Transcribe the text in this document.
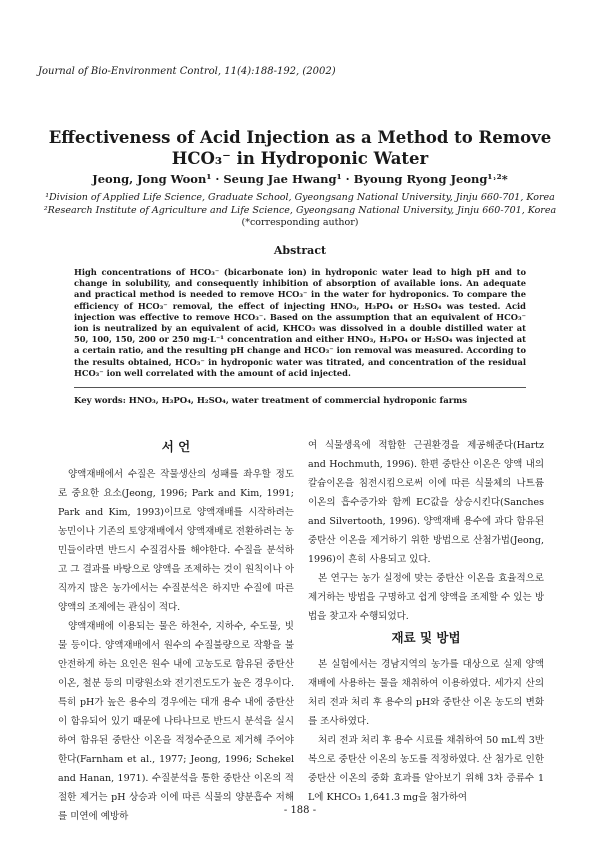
Journal of Bio-Environment Control, 11(4):188-192, (2002)
Effectiveness of Acid Injection as a Method to Remove
HCO₃⁻ in Hydroponic Water
Jeong, Jong Woon¹ · Seung Jae Hwang¹ · Byoung Ryong Jeong¹˒²*
¹Division of Applied Life Science, Graduate School, Gyeongsang National University, Jinju 660-701, Korea
²Research Institute of Agriculture and Life Science, Gyeongsang National University, Jinju 660-701, Korea
(*corresponding author)
Abstract
High concentrations of HCO₃⁻ (bicarbonate ion) in hydroponic water lead to high pH and to change in solubility, and consequently inhibition of absorption of available ions. An adequate and practical method is needed to remove HCO₃⁻ in the water for hydroponics. To compare the efficiency of HCO₃⁻ removal, the effect of injecting HNO₃, H₃PO₄ or H₂SO₄ was tested. Acid injection was effective to remove HCO₃⁻. Based on the assumption that an equivalent of HCO₃⁻ ion is neutralized by an equivalent of acid, KHCO₃ was dissolved in a double distilled water at 50, 100, 150, 200 or 250 mg·L⁻¹ concentration and either HNO₃, H₃PO₄ or H₂SO₄ was injected at a certain ratio, and the resulting pH change and HCO₃⁻ ion removal was measured. According to the results obtained, HCO₃⁻ in hydroponic water was titrated, and concentration of the residual HCO₃⁻ ion well correlated with the amount of acid injected.
Key words: HNO₃, H₃PO₄, H₂SO₄, water treatment of commercial hydroponic farms
서 언

양액재배에서 수질은 작물생산의 성패를 좌우할 정도로 중요한 요소(Jeong, 1996; Park and Kim, 1991; Park and Kim, 1993)이므로 양액재배를 시작하려는 농민이나 기존의 토양재배에서 양액재배로 전환하려는 농민들이라면 반드시 수질검사를 해야한다. 수질을 분석하고 그 결과를 바탕으로 양액을 조제하는 것이 원칙이나 아직까지 많은 농가에서는 수질분석은 하지만 수질에 따른 양액의 조제에는 관심이 적다.

양액재배에 이용되는 물은 하천수, 지하수, 수도물, 빗물 등이다. 양액재배에서 원수의 수질불량으로 작황을 불안전하게 하는 요인은 원수 내에 고농도로 함유된 중탄산 이온, 철분 등의 미량원소와 전기전도도가 높은 경우이다. 특히 pH가 높은 용수의 경우에는 대개 용수 내에 중탄산이 함유되어 있기 때문에 나타나므로 반드시 분석을 실시하여 함유된 중탄산 이온을 적정수준으로 제거해 주어야 한다(Farnham et al., 1977; Jeong, 1996; Schekel and Hanan, 1971). 수질분석을 통한 중탄산 이온의 적절한 제거는 pH 상승과 이에 따른 식물의 양분흡수 저해를 미연에 예방하

여 식물생육에 적합한 근권환경을 제공해준다(Hartz and Hochmuth, 1996). 한편 중탄산 이온은 양액 내의 칼슘이온을 침전시킴으로써 이에 따른 식물체의 나트륨 이온의 흡수증가와 함께 EC값을 상승시킨다(Sanches and Silvertooth, 1996). 양액재배 용수에 과다 함유된 중탄산 이온을 제거하기 위한 방법으로 산첨가법(Jeong, 1996)이 흔히 사용되고 있다.

본 연구는 농가 실정에 맞는 중탄산 이온을 효율적으로 제거하는 방법을 구명하고 쉽게 양액을 조제할 수 있는 방법을 찾고자 수행되었다.

재료 및 방법

본 실험에서는 경남지역의 농가를 대상으로 실제 양액재배에 사용하는 물을 채취하여 이용하였다. 세가지 산의 처리 전과 처리 후 용수의 pH와 중탄산 이온 농도의 변화를 조사하였다.

처리 전과 처리 후 용수 시료를 채취하여 50 mL씩 3반복으로 중탄산 이온의 농도를 적정하였다. 산 첨가로 인한 중탄산 이온의 중화 효과를 알아보기 위해 3차 증류수 1 L에 KHCO₃ 1,641.3 mg을 첨가하여

- 188 -
